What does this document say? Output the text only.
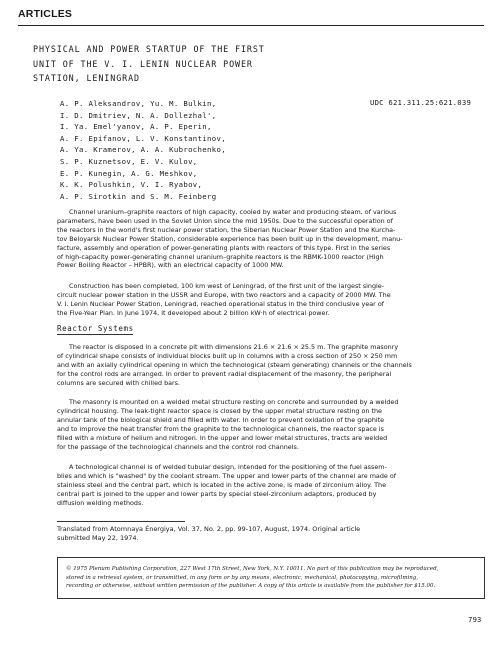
ARTICLES
PHYSICAL AND POWER STARTUP OF THE FIRST
UNIT OF THE V. I. LENIN NUCLEAR POWER
STATION, LENINGRAD
A. P. Aleksandrov, Yu. M. Bulkin,
I. D. Dmitriev, N. A. Dollezhal',
I. Ya. Emel'yanov, A. P. Eperin,
A. F. Epifanov, L. V. Konstantinov,
A. Ya. Kramerov, A. A. Kubrochenko,
S. P. Kuznetsov, E. V. Kulov,
E. P. Kunegin, A. G. Meshkov,
K. K. Polushkin, V. I. Ryabov,
A. P. Sirotkin and S. M. Feinberg
UDC 621.311.25:621.039
Channel uranium–graphite reactors of high capacity, cooled by water and producing steam, of various
parameters, have been used in the Soviet Union since the mid 1950s. Due to the successful operation of
the reactors in the world's first nuclear power station, the Siberian Nuclear Power Station and the Kurcha-
tov Beloyarsk Nuclear Power Station, considerable experience has been built up in the development, manu-
facture, assembly and operation of power-generating plants with reactors of this type. First in the series
of high-capacity power-generating channel uranium–graphite reactors is the RBMK-1000 reactor (High
Power Boiling Reactor – HPBR), with an electrical capacity of 1000 MW.
Construction has been completed, 100 km west of Leningrad, of the first unit of the largest single-
circuit nuclear power station in the USSR and Europe, with two reactors and a capacity of 2000 MW. The
V. I. Lenin Nuclear Power Station, Leningrad, reached operational status in the third conclusive year of
the Five-Year Plan. In June 1974, it developed about 2 billion kW·h of electrical power.
Reactor Systems
The reactor is disposed in a concrete pit with dimensions 21.6 × 21.6 × 25.5 m. The graphite masonry
of cylindrical shape consists of individual blocks built up in columns with a cross section of 250 × 250 mm
and with an axially cylindrical opening in which the technological (steam generating) channels or the channels
for the control rods are arranged. In order to prevent radial displacement of the masonry, the peripheral
columns are secured with chilled bars.
The masonry is mounted on a welded metal structure resting on concrete and surrounded by a welded
cylindrical housing. The leak-tight reactor space is closed by the upper metal structure resting on the
annular tank of the biological shield and filled with water. In order to prevent oxidation of the graphite
and to improve the heat transfer from the graphite to the technological channels, the reactor space is
filled with a mixture of helium and nitrogen. In the upper and lower metal structures, tracts are welded
for the passage of the technological channels and the control rod channels.
A technological channel is of welded tubular design, intended for the positioning of the fuel assem-
blies and which is "washed" by the coolant stream. The upper and lower parts of the channel are made of
stainless steel and the central part, which is located in the active zone, is made of zirconium alloy. The
central part is joined to the upper and lower parts by special steel-zirconium adaptors, produced by
diffusion welding methods.
Translated from Atomnaya Énergiya, Vol. 37, No. 2, pp. 99-107, August, 1974. Original article
submitted May 22, 1974.
© 1975 Plenum Publishing Corporation, 227 West 17th Street, New York, N.Y. 10011. No part of this publication may be reproduced,
stored in a retrieval system, or transmitted, in any form or by any means, electronic, mechanical, photocopying, microfilming,
recording or otherwise, without written permission of the publisher. A copy of this article is available from the publisher for $15.00.
793
